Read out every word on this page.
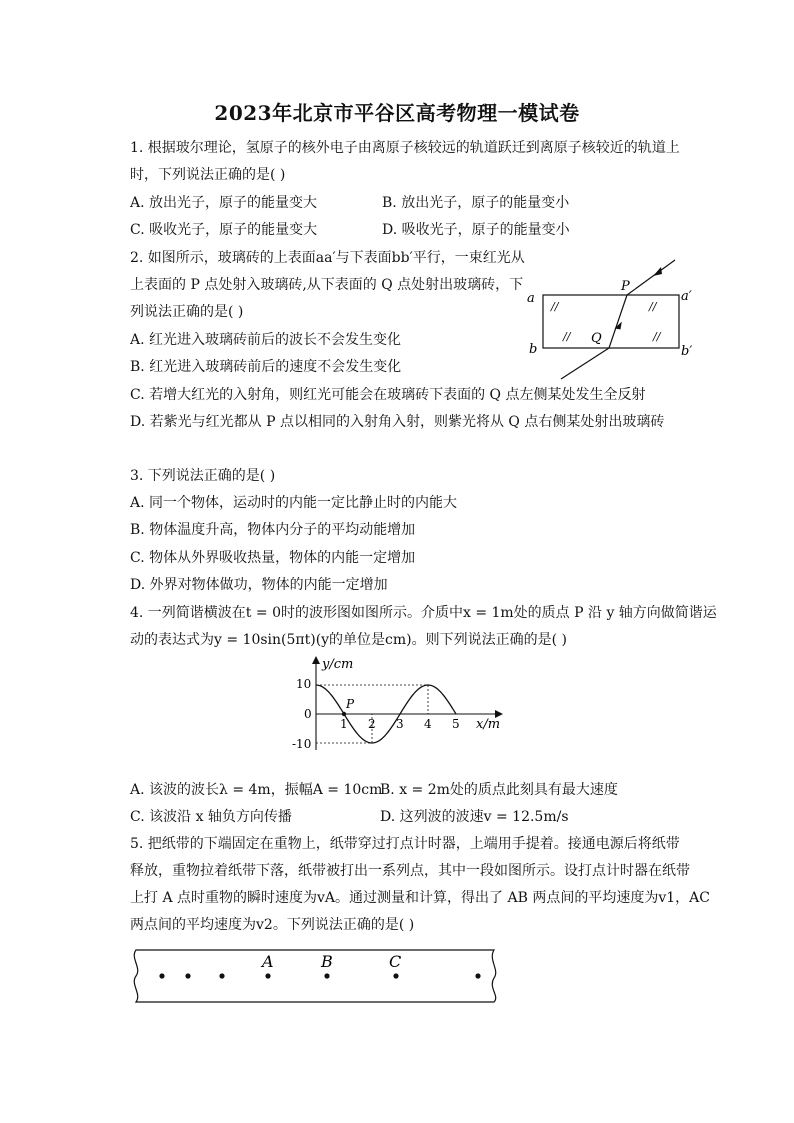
2023年北京市平谷区高考物理一模试卷
1. 根据玻尔理论，氢原子的核外电子由离原子核较远的轨道跃迁到离原子核较近的轨道上
时，下列说法正确的是( )
A. 放出光子，原子的能量变大	B. 放出光子，原子的能量变小
C. 吸收光子，原子的能量变大	D. 吸收光子，原子的能量变小
2. 如图所示，玻璃砖的上表面aa′与下表面bb′平行，一束红光从
上表面的 P 点处射入玻璃砖,从下表面的 Q 点处射出玻璃砖，下
列说法正确的是( )
A. 红光进入玻璃砖前后的波长不会发生变化
B. 红光进入玻璃砖前后的速度不会发生变化
C. 若增大红光的入射角，则红光可能会在玻璃砖下表面的 Q 点左侧某处发生全反射
D. 若紫光与红光都从 P 点以相同的入射角入射，则紫光将从 Q 点右侧某处射出玻璃砖
a	a′
b	b′
P
Q
//	//
//	//
3. 下列说法正确的是( )
A. 同一个物体，运动时的内能一定比静止时的内能大
B. 物体温度升高，物体内分子的平均动能增加
C. 物体从外界吸收热量，物体的内能一定增加
D. 外界对物体做功，物体的内能一定增加
4. 一列简谐横波在t = 0时的波形图如图所示。介质中x = 1m处的质点 P 沿 y 轴方向做简谐运
动的表达式为y = 10sin(5πt)(y的单位是cm)。则下列说法正确的是( )
y/cm
x/m
P
10
0
-10
1 2 3 4 5
A. 该波的波长λ = 4m，振幅A = 10cm
B. x = 2m处的质点此刻具有最大速度
C. 该波沿 x 轴负方向传播	D. 这列波的波速v = 12.5m/s
5. 把纸带的下端固定在重物上，纸带穿过打点计时器，上端用手提着。接通电源后将纸带
释放，重物拉着纸带下落，纸带被打出一系列点，其中一段如图所示。设打点计时器在纸带
上打 A 点时重物的瞬时速度为vA。通过测量和计算，得出了 AB 两点间的平均速度为v1，AC
两点间的平均速度为v2。下列说法正确的是( )
A	B	C
